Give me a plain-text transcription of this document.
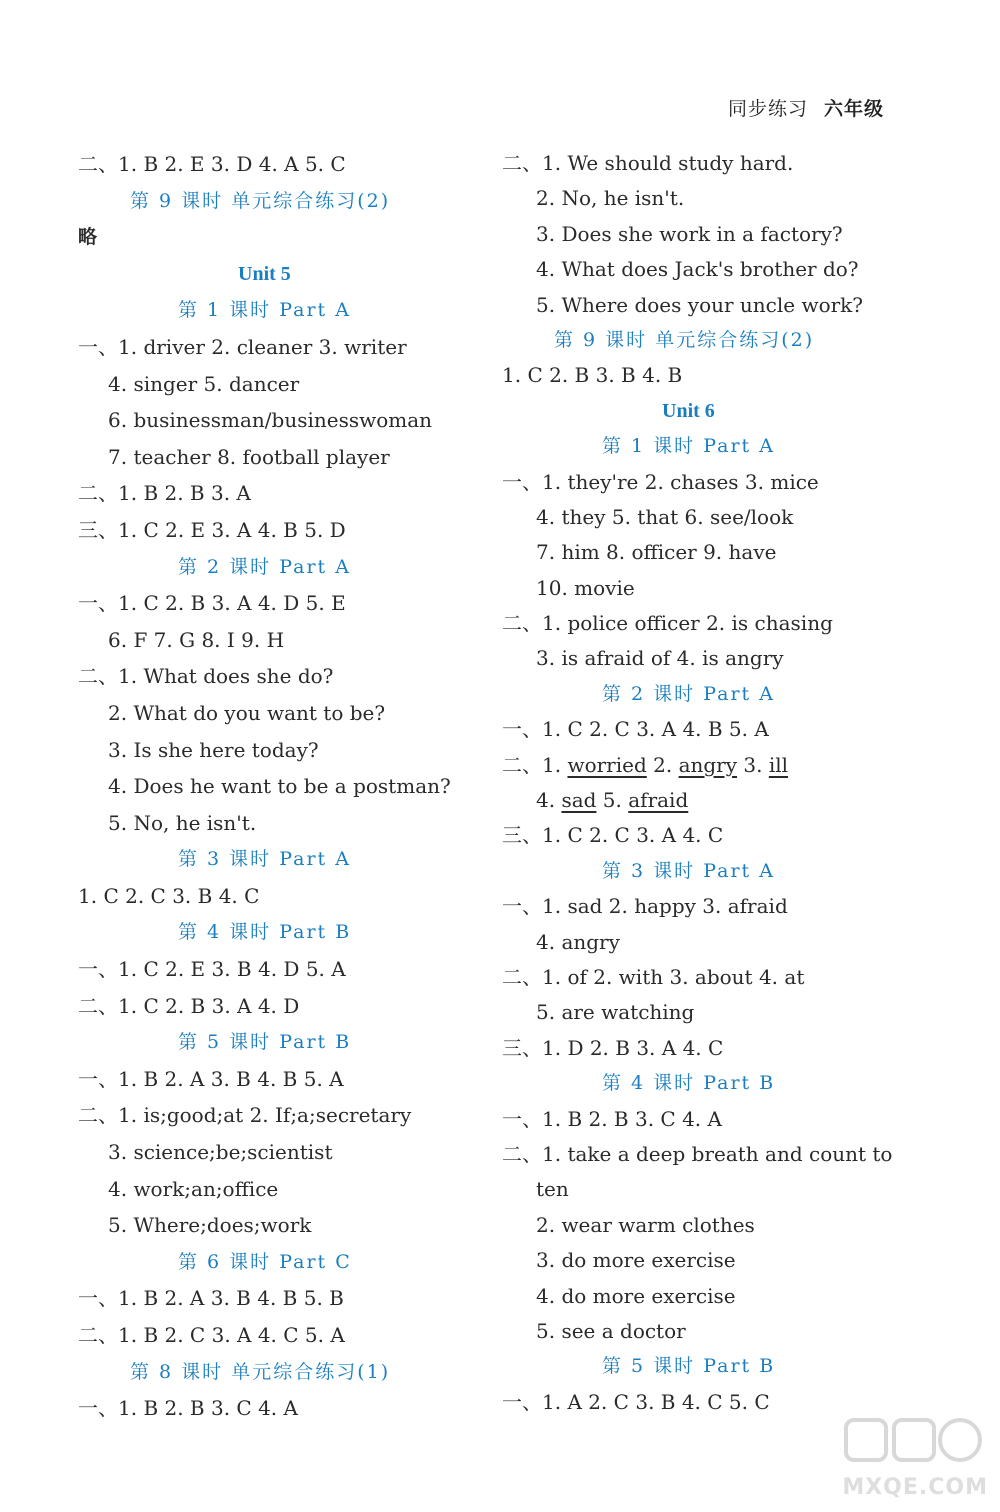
同步练习 六年级
二、1. B 2. E 3. D 4. A 5. C
第 9 课时 单元综合练习(2)
略
Unit 5
第 1 课时 Part A
一、1. driver 2. cleaner 3. writer
4. singer 5. dancer
6. businessman/businesswoman
7. teacher 8. football player
二、1. B 2. B 3. A
三、1. C 2. E 3. A 4. B 5. D
第 2 课时 Part A
一、1. C 2. B 3. A 4. D 5. E
6. F 7. G 8. I 9. H
二、1. What does she do?
2. What do you want to be?
3. Is she here today?
4. Does he want to be a postman?
5. No, he isn't.
第 3 课时 Part A
1. C 2. C 3. B 4. C
第 4 课时 Part B
一、1. C 2. E 3. B 4. D 5. A
二、1. C 2. B 3. A 4. D
第 5 课时 Part B
一、1. B 2. A 3. B 4. B 5. A
二、1. is;good;at 2. If;a;secretary
3. science;be;scientist
4. work;an;office
5. Where;does;work
第 6 课时 Part C
一、1. B 2. A 3. B 4. B 5. B
二、1. B 2. C 3. A 4. C 5. A
第 8 课时 单元综合练习(1)
一、1. B 2. B 3. C 4. A
二、1. We should study hard.
2. No, he isn't.
3. Does she work in a factory?
4. What does Jack's brother do?
5. Where does your uncle work?
第 9 课时 单元综合练习(2)
1. C 2. B 3. B 4. B
Unit 6
第 1 课时 Part A
一、1. they're 2. chases 3. mice
4. they 5. that 6. see/look
7. him 8. officer 9. have
10. movie
二、1. police officer 2. is chasing
3. is afraid of 4. is angry
第 2 课时 Part A
一、1. C 2. C 3. A 4. B 5. A
二、1. worried 2. angry 3. ill
4. sad 5. afraid
三、1. C 2. C 3. A 4. C
第 3 课时 Part A
一、1. sad 2. happy 3. afraid
4. angry
二、1. of 2. with 3. about 4. at
5. are watching
三、1. D 2. B 3. A 4. C
第 4 课时 Part B
一、1. B 2. B 3. C 4. A
二、1. take a deep breath and count to
ten
2. wear warm clothes
3. do more exercise
4. do more exercise
5. see a doctor
第 5 课时 Part B
一、1. A 2. C 3. B 4. C 5. C
MXQE.COM
